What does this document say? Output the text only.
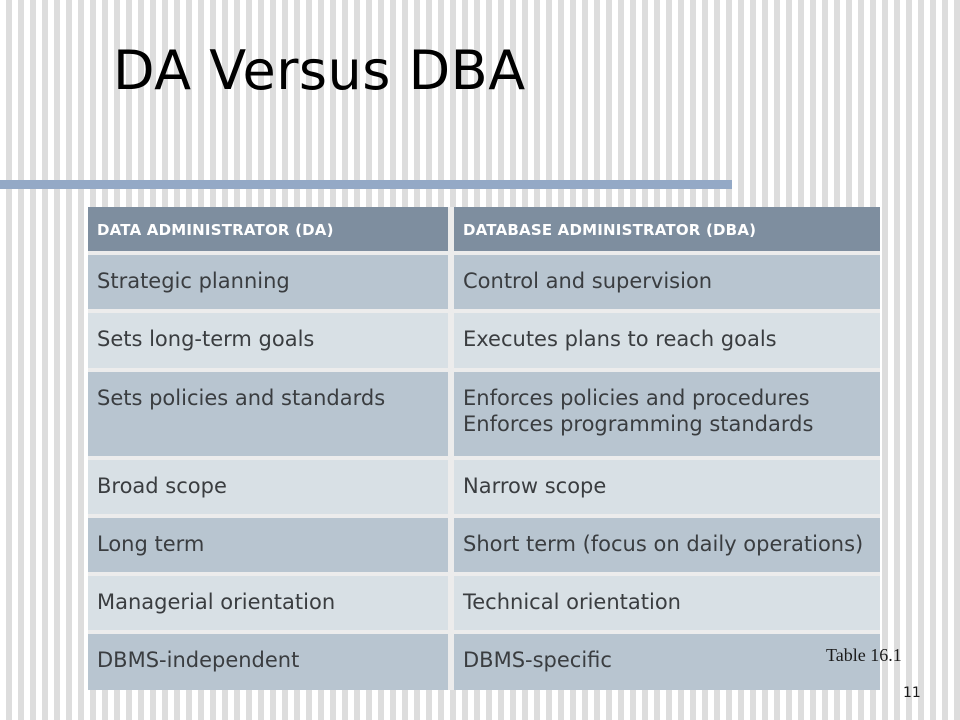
DA Versus DBA
DATA ADMINISTRATOR (DA)	DATABASE ADMINISTRATOR (DBA)

Strategic planning	Control and supervision

Sets long-term goals	Executes plans to reach goals

Sets policies and standards	Enforces policies and procedures
Enforces programming standards

Broad scope	Narrow scope

Long term	Short term (focus on daily operations)

Managerial orientation	Technical orientation

DBMS-independent	DBMS-specific	Table 16.1
11
